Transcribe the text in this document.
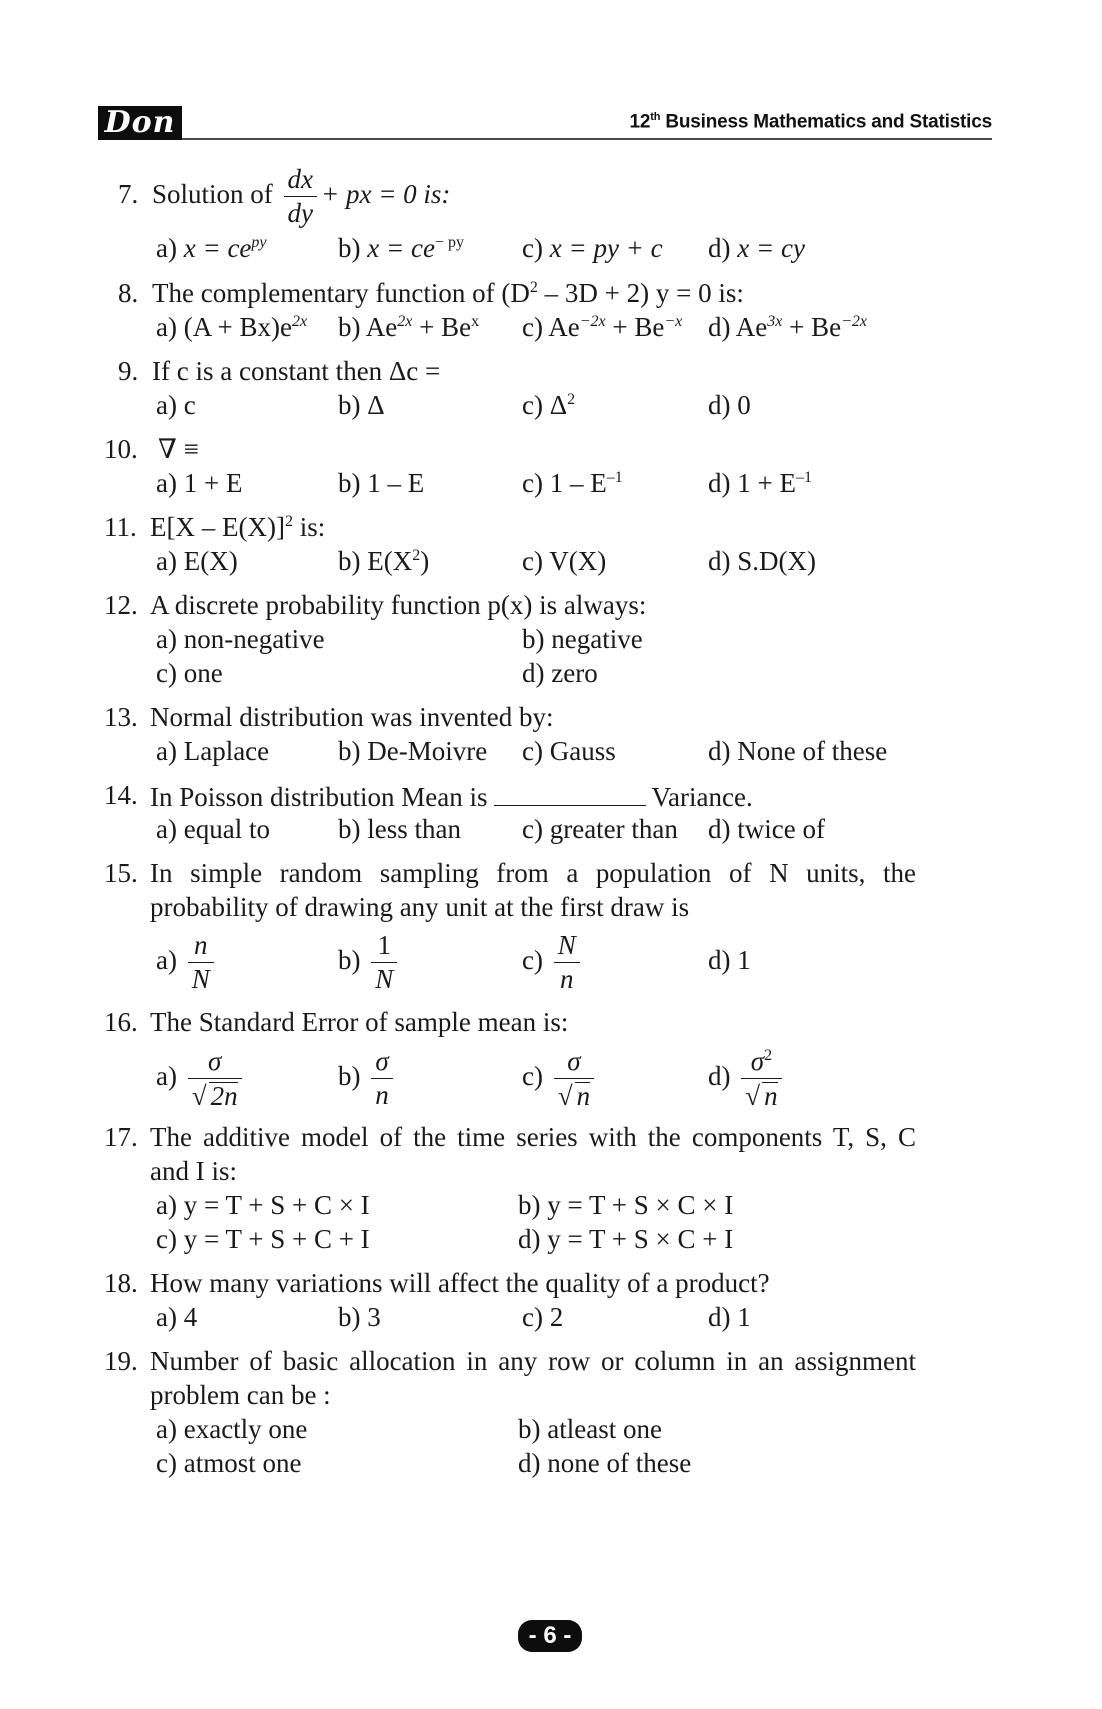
Don	12th Business Mathematics and Statistics
7. Solution of $\frac{dx}{dy}$ + px = 0 is:
a) $x = ce^{py}$	b) $x = ce^{- py}$ c) x = py + c d) x = cy
8. The complementary function of $(D^2 - 3D + 2) y = 0$ is:
a) $(A + Bx)e^{2x}$ b) $Ae^{2x} + Be^x$ c) $Ae^{-2x} + Be^{-x}$ d) $Ae^{3x} + Be^{-2x}$
9. If c is a constant then Δc =
a) c	b) Δ	c) $\Delta^2$	d) 0
10. ∇ ≡
a) 1 + E	b) 1 – E	c) $1 - E^{-1}$	d) $1 + E^{-1}$
11. E[X – E(X)]$^2$ is:
a) E(X)	b) $E(X^2)$	c) V(X)	d) S.D(X)
12. A discrete probability function p(x) is always:
a) non-negative	b) negative
c) one	d) zero
13. Normal distribution was invented by:
a) Laplace	b) De-Moivre c) Gauss	d) None of these
14. In Poisson distribution Mean is	Variance.
a) equal to	b) less than c) greater than d) twice of
15. In simple random sampling from a population of N units, the
probability of drawing any unit at the first draw is
$a) \frac{n}{N}$	$b) \frac{1}{N}$	$c) \frac{N}{n}$	d) 1
16. The Standard Error of sample mean is:
$a) \frac{\sigma}{√ 2n}$	$b) \frac{\sigma}{n}$	$c) \frac{\sigma}{√ n}$	$d) \frac{\sigma^2}{√ n}$
17. The additive model of the time series with the components T, S, C
and I is:
a) y = T + S + C × I	b) y = T + S × C × I
c) y = T + S + C + I	d) y = T + S × C + I
18. How many variations will affect the quality of a product?
a) 4	b) 3	c) 2	d) 1
19. Number of basic allocation in any row or column in an assignment
problem can be :
a) exactly one	b) atleast one
c) atmost one	d) none of these
- 6 -
